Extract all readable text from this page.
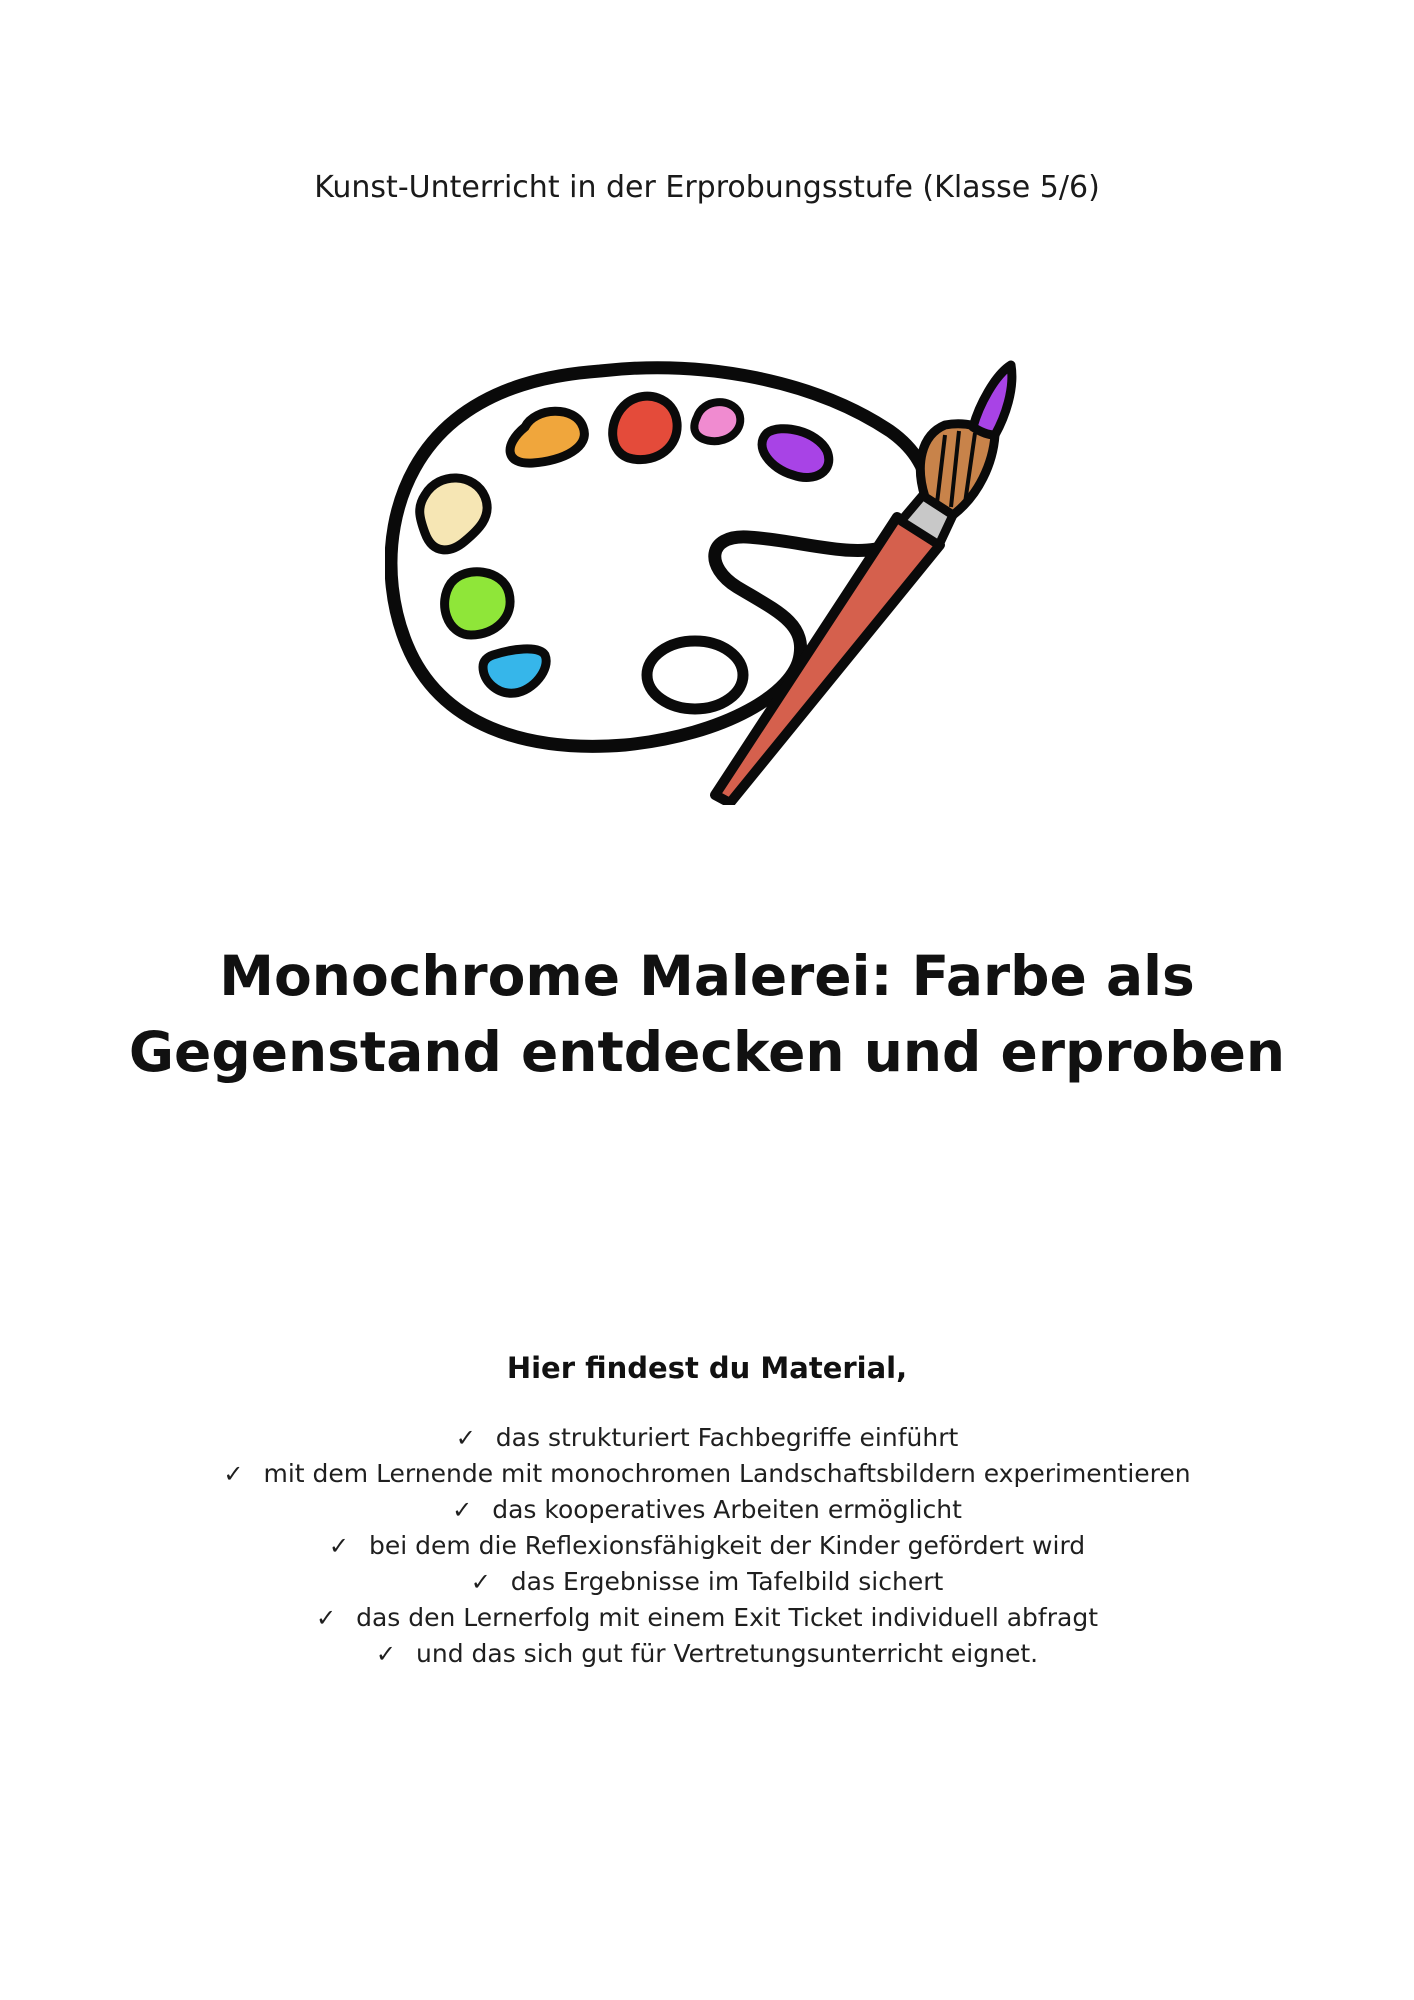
Kunst-Unterricht in der Erprobungsstufe (Klasse 5/6)
Monochrome Malerei: Farbe als
Gegenstand entdecken und erproben
Hier findest du Material,
✓ das strukturiert Fachbegriffe einführt
✓ mit dem Lernende mit monochromen Landschaftsbildern experimentieren
✓ das kooperatives Arbeiten ermöglicht
✓ bei dem die Reflexionsfähigkeit der Kinder gefördert wird
✓ das Ergebnisse im Tafelbild sichert
✓ das den Lernerfolg mit einem Exit Ticket individuell abfragt
✓ und das sich gut für Vertretungsunterricht eignet.
